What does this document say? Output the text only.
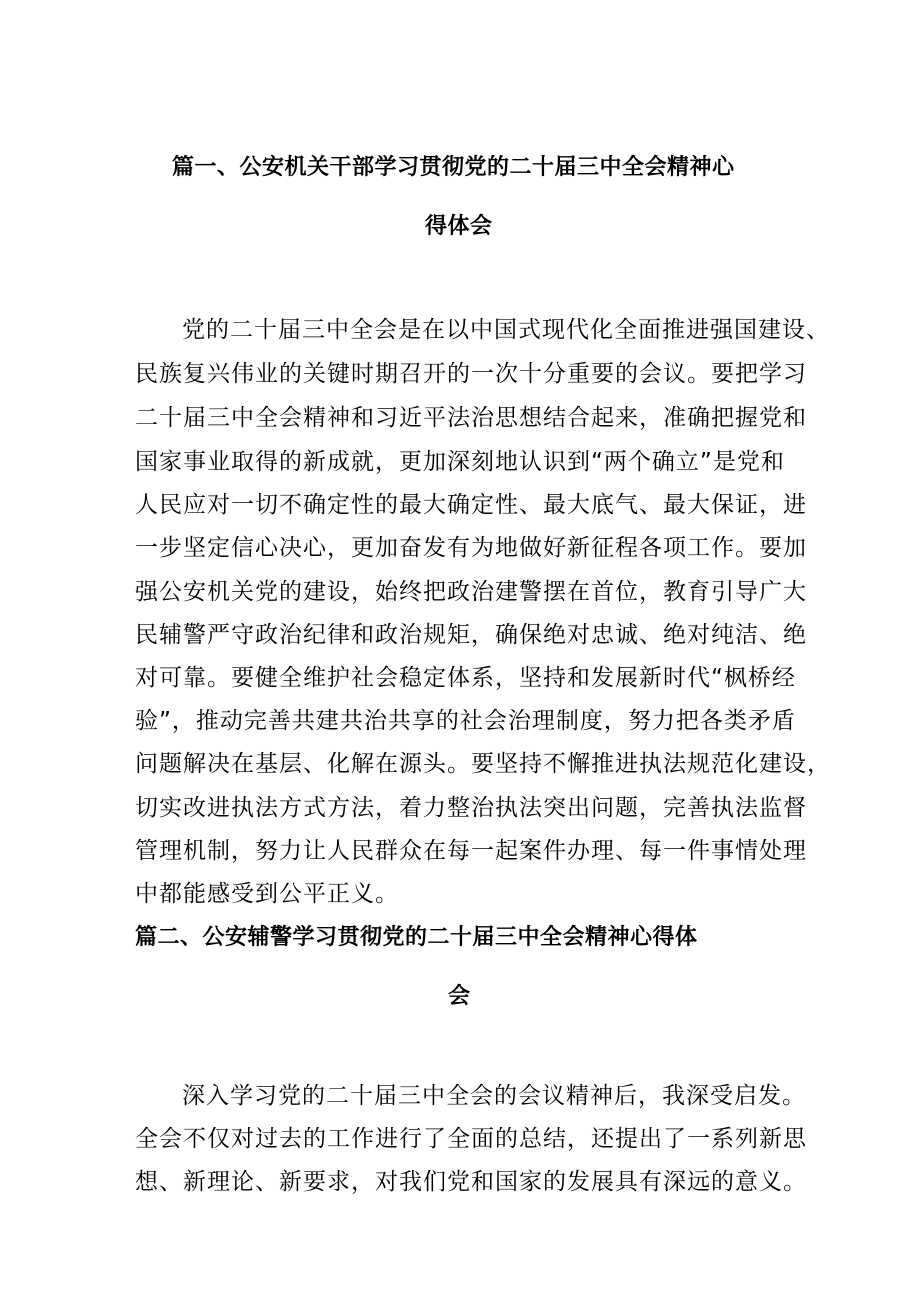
篇一、公安机关干部学习贯彻党的二十届三中全会精神心
得体会
党的二十届三中全会是在以中国式现代化全面推进强国建设、
民族复兴伟业的关键时期召开的一次十分重要的会议。要把学习
二十届三中全会精神和习近平法治思想结合起来，准确把握党和
国家事业取得的新成就，更加深刻地认识到“两个确立”是党和
人民应对一切不确定性的最大确定性、最大底气、最大保证，进
一步坚定信心决心，更加奋发有为地做好新征程各项工作。要加
强公安机关党的建设，始终把政治建警摆在首位，教育引导广大
民辅警严守政治纪律和政治规矩，确保绝对忠诚、绝对纯洁、绝
对可靠。要健全维护社会稳定体系，坚持和发展新时代“枫桥经
验”，推动完善共建共治共享的社会治理制度，努力把各类矛盾
问题解决在基层、化解在源头。要坚持不懈推进执法规范化建设，
切实改进执法方式方法，着力整治执法突出问题，完善执法监督
管理机制，努力让人民群众在每一起案件办理、每一件事情处理
中都能感受到公平正义。
篇二、公安辅警学习贯彻党的二十届三中全会精神心得体
会
深入学习党的二十届三中全会的会议精神后，我深受启发。
全会不仅对过去的工作进行了全面的总结，还提出了一系列新思
想、新理论、新要求，对我们党和国家的发展具有深远的意义。
